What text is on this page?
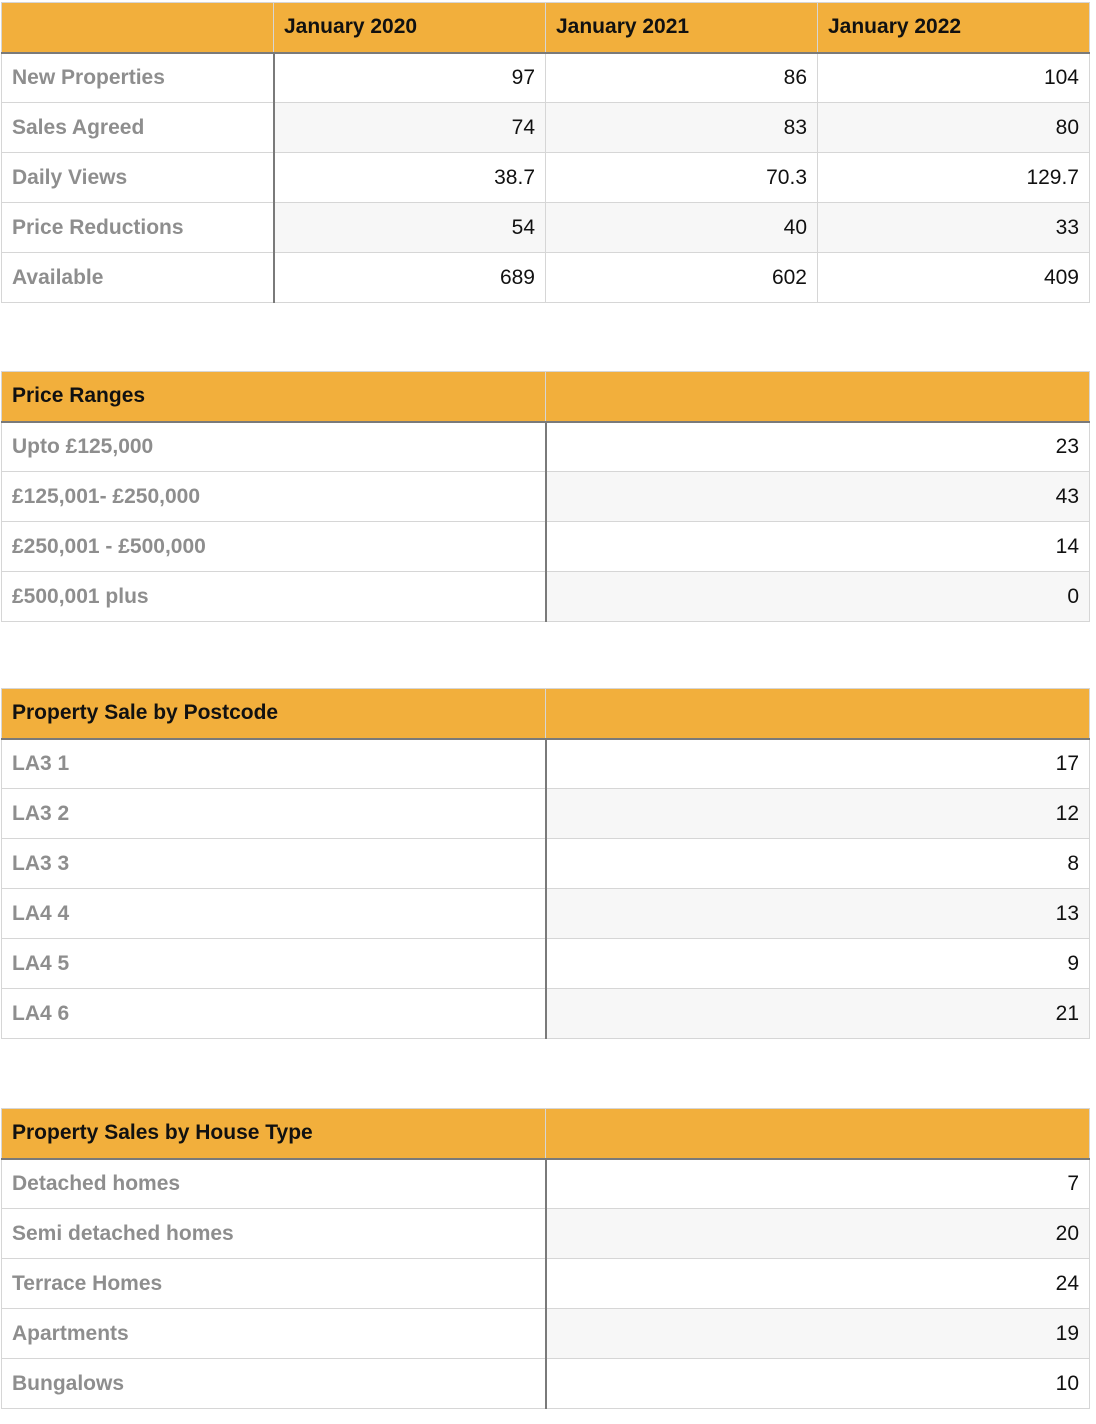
	January 2020	January 2021	January 2022
New Properties	97	86	104
Sales Agreed	74	83	80
Daily Views	38.7	70.3	129.7
Price Reductions	54	40	33
Available	689	602	409
Price Ranges	
Upto £125,000	23
£125,001- £250,000	43
£250,001 - £500,000	14
£500,001 plus	0
Property Sale by Postcode	
LA3 1	17
LA3 2	12
LA3 3	8
LA4 4	13
LA4 5	9
LA4 6	21
Property Sales by House Type	
Detached homes	7
Semi detached homes	20
Terrace Homes	24
Apartments	19
Bungalows	10
